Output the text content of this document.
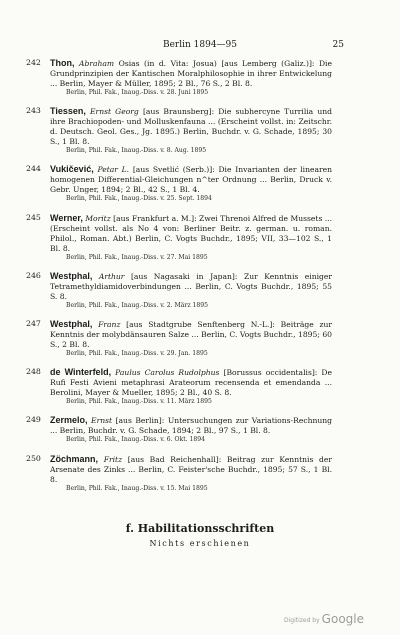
Berlin 1894—95	25
242	Thon, Abraham Osias (in d. Vita: Josua) [aus Lemberg (Galiz.)]: Die Grundprinzipien der Kantischen Moralphilosophie in ihrer Entwickelung ... Berlin, Mayer & Müller, 1895; 2 Bl., 76 S., 2 Bl. 8.
Berlin, Phil. Fak., Inaug.-Diss. v. 28. Juni 1895
243	Tiessen, Ernst Georg [aus Braunsberg]: Die subhercyne Turrilia und ihre Brachiopoden- und Molluskenfauna ... (Erscheint vollst. in: Zeitschr. d. Deutsch. Geol. Ges., Jg. 1895.) Berlin, Buchdr. v. G. Schade, 1895; 30 S., 1 Bl. 8.
Berlin, Phil. Fak., Inaug.-Diss. v. 8. Aug. 1895
244	Vukičević, Petar L. [aus Svetlić (Serb.)]: Die Invarianten der linearen homogenen Differential-Gleichungen n^ter Ordnung ... Berlin, Druck v. Gebr. Unger, 1894; 2 Bl., 42 S., 1 Bl. 4.
Berlin, Phil. Fak., Inaug.-Diss. v. 25. Sept. 1894
245	Werner, Moritz [aus Frankfurt a. M.]: Zwei Threnoi Alfred de Mussets ... (Erscheint vollst. als No 4 von: Berliner Beitr. z. german. u. roman. Philol., Roman. Abt.) Berlin, C. Vogts Buchdr., 1895; VII, 33—102 S., 1 Bl. 8.
Berlin, Phil. Fak., Inaug.-Diss. v. 27. Mai 1895
246	Westphal, Arthur [aus Nagasaki in Japan]: Zur Kenntnis einiger Tetramethyldiamidoverbindungen ... Berlin, C. Vogts Buchdr., 1895; 55 S. 8.
Berlin, Phil. Fak., Inaug.-Diss. v. 2. März 1895
247	Westphal, Franz [aus Stadtgrube Senftenberg N.-L.]: Beiträge zur Kenntnis der molybdänsauren Salze ... Berlin, C. Vogts Buchdr., 1895; 60 S., 2 Bl. 8.
Berlin, Phil. Fak., Inaug.-Diss. v. 29. Jan. 1895
248	de Winterfeld, Paulus Carolus Rudolphus [Borussus occidentalis]: De Rufi Festi Avieni metaphrasi Arateorum recensenda et emendanda ... Berolini, Mayer & Mueller, 1895; 2 Bl., 40 S. 8.
Berlin, Phil. Fak., Inaug.-Diss. v. 11. März 1895
249	Zermelo, Ernst [aus Berlin]: Untersuchungen zur Variations-Rechnung ... Berlin, Buchdr. v. G. Schade, 1894; 2 Bl., 97 S., 1 Bl. 8.
Berlin, Phil. Fak., Inaug.-Diss. v. 6. Okt. 1894
250	Zöchmann, Fritz [aus Bad Reichenhall]: Beitrag zur Kenntnis der Arsenate des Zinks ... Berlin, C. Feister'sche Buchdr., 1895; 57 S., 1 Bl. 8.
Berlin, Phil. Fak., Inaug.-Diss. v. 15. Mai 1895
f. Habilitationsschriften
Nichts erschienen
Digitized by Google
